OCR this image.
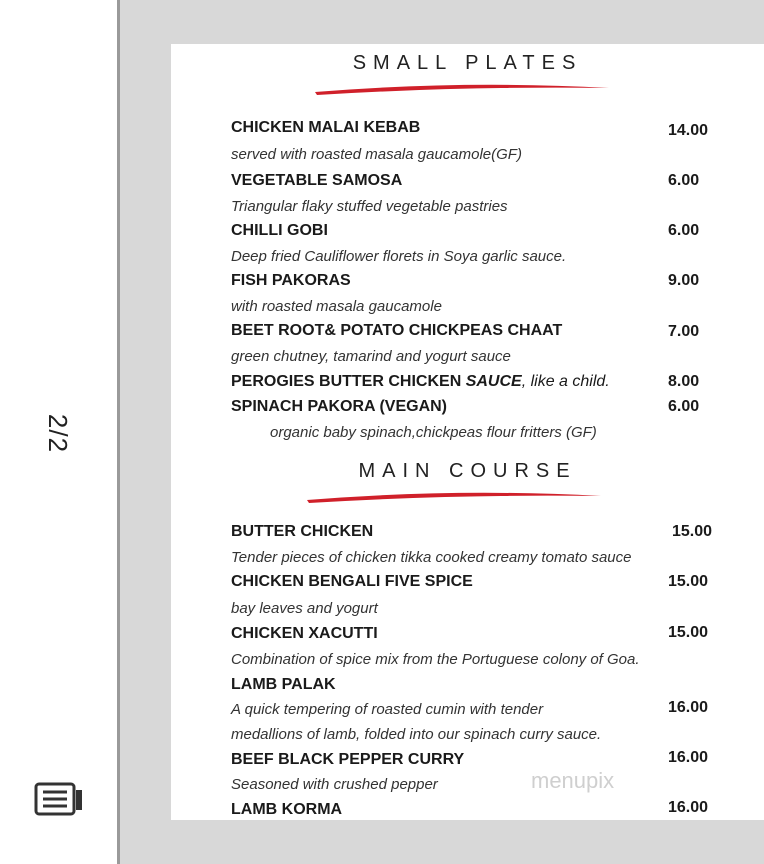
2/2
SMALL PLATES
CHICKEN MALAI KEBAB	14.00
served with roasted masala gaucamole(GF)
VEGETABLE SAMOSA	6.00
Triangular flaky stuffed vegetable pastries
CHILLI GOBI	6.00
Deep fried Cauliflower florets in Soya garlic sauce.
FISH PAKORAS	9.00
with roasted masala gaucamole
BEET ROOT& POTATO CHICKPEAS CHAAT	7.00
green chutney, tamarind and yogurt sauce
PEROGIES BUTTER CHICKEN SAUCE, like a child.	8.00
SPINACH PAKORA (VEGAN)	6.00
organic baby spinach,chickpeas flour fritters (GF)
MAIN COURSE
BUTTER CHICKEN	15.00
Tender pieces of chicken tikka cooked creamy tomato sauce
CHICKEN BENGALI FIVE SPICE	15.00
bay leaves and yogurt
CHICKEN XACUTTI	15.00
Combination of spice mix from the Portuguese colony of Goa.
LAMB PALAK
A quick tempering of roasted cumin with tender	16.00
medallions of lamb, folded into our spinach curry sauce.
BEEF BLACK PEPPER CURRY	16.00
Seasoned with crushed pepper
LAMB KORMA	16.00
menupix
